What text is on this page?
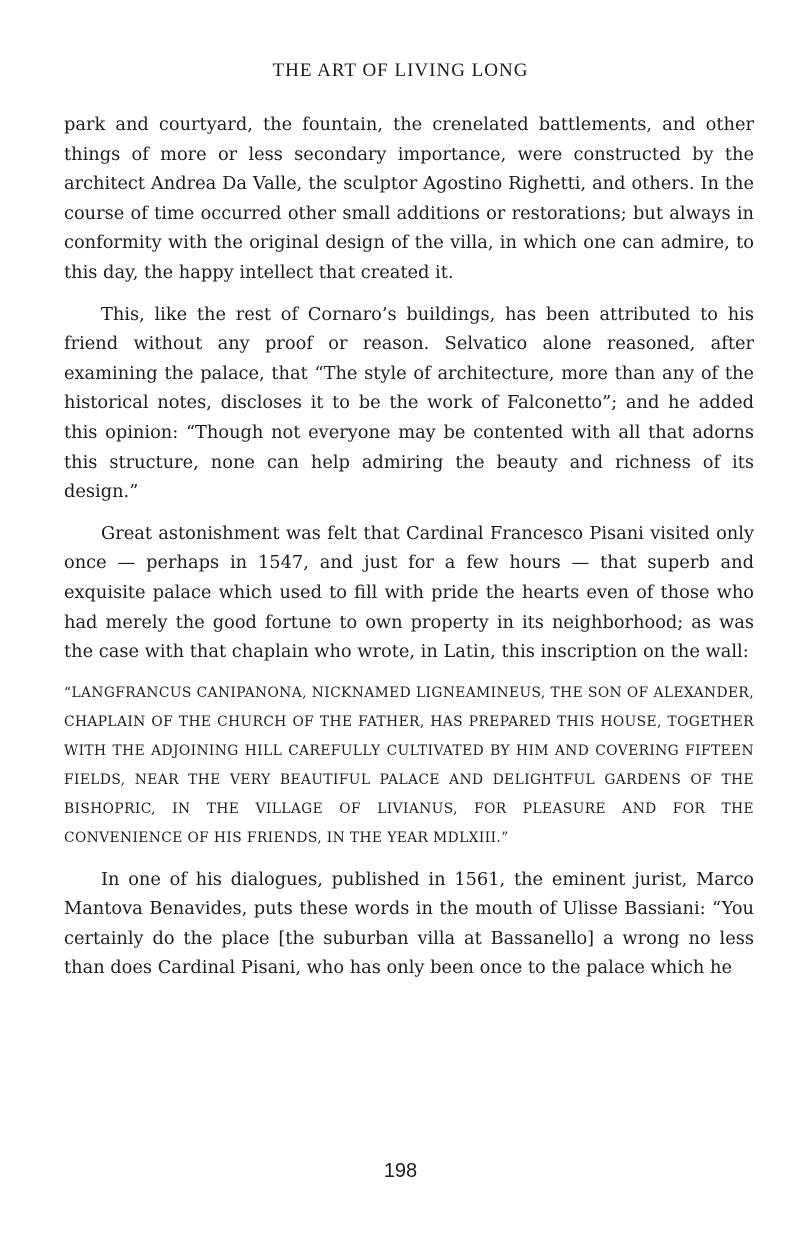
THE ART OF LIVING LONG

park and courtyard, the fountain, the crenelated battlements, and other things of more or less secondary importance, were constructed by the architect Andrea Da Valle, the sculptor Agostino Righetti, and others. In the course of time occurred other small additions or restorations; but always in conformity with the original design of the villa, in which one can admire, to this day, the happy intellect that created it.

This, like the rest of Cornaro’s buildings, has been attributed to his friend without any proof or reason. Selvatico alone reasoned, after examining the palace, that “The style of architecture, more than any of the historical notes, discloses it to be the work of Falconetto”; and he added this opinion: “Though not everyone may be contented with all that adorns this structure, none can help admiring the beauty and richness of its design.”

Great astonishment was felt that Cardinal Francesco Pisani visited only once — perhaps in 1547, and just for a few hours — that superb and exquisite palace which used to fill with pride the hearts even of those who had merely the good fortune to own property in its neighborhood; as was the case with that chaplain who wrote, in Latin, this inscription on the wall:

“LANGFRANCUS CANIPANONA, NICKNAMED LIGNEAMINEUS, THE SON OF ALEXANDER, CHAPLAIN OF THE CHURCH OF THE FATHER, HAS PREPARED THIS HOUSE, TOGETHER WITH THE ADJOINING HILL CAREFULLY CULTIVATED BY HIM AND COVERING FIFTEEN FIELDS, NEAR THE VERY BEAUTIFUL PALACE AND DELIGHTFUL GARDENS OF THE BISHOPRIC, IN THE VILLAGE OF LIVIANUS, FOR PLEASURE AND FOR THE CONVENIENCE OF HIS FRIENDS, IN THE YEAR MDLXIII.”

In one of his dialogues, published in 1561, the eminent jurist, Marco Mantova Benavides, puts these words in the mouth of Ulisse Bassiani: “You certainly do the place [the suburban villa at Bassanello] a wrong no less than does Cardinal Pisani, who has only been once to the palace which he

198
